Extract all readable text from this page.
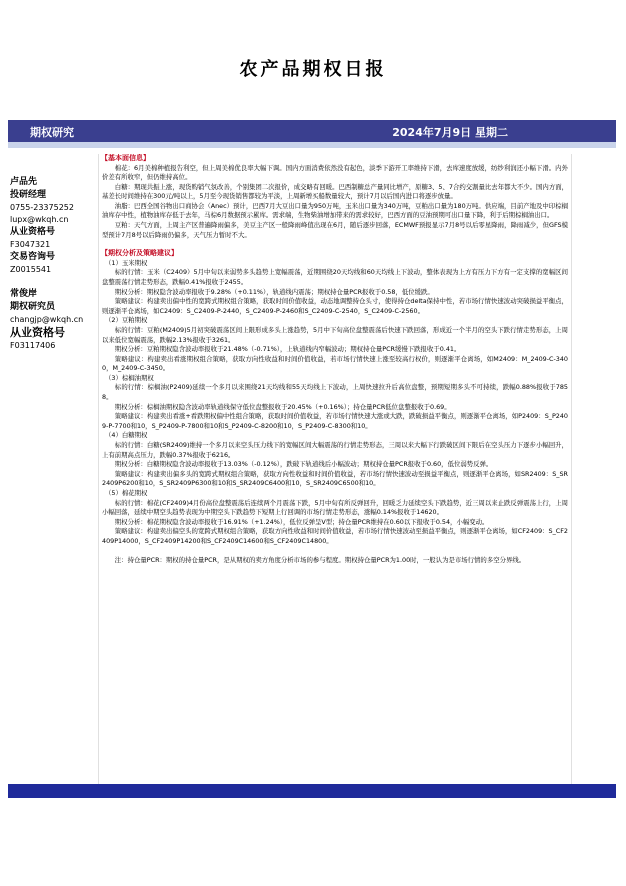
农产品期权日报
期权研究	2024年7月9日 星期二
卢品先
投研经理
0755-23375252
lupx@wkqh.cn
从业资格号
F3047321
交易咨询号
Z0015541
常俊岸
期权研究员
changjp@wkqh.cn
从业资格号
F03117406
【基本面信息】
棉花：6月美棉种植报告利空，但上周美棉优良率大幅下调。国内方面消费依然没有起色，淡季下游开工率维持下滑，去库速度放缓，纺纱利润还小幅下滑。内外价差有所收窄，但仍维持高位。
白糖：期现共振上涨，现货购销气氛改善，个别集团二次报价，成交略有回暖。巴西制糖总产量同比增产，原糖3、5、7合约交割量比去年都大不少。国内方面，基差长时间维持在300元/吨以上，5月至今现货销售都较为平淡，上周新增买船数量较大，预计7月以后国内进口将逐步放量。
油脂：巴西全国谷物出口商协会（Anec）预计，巴西7月大豆出口量为950万吨，玉米出口量为340万吨，豆粕出口量为180万吨。供应端，目前产地及中印棕榈油库存中性，植物油库存低于去年，马棕6月数据预示累库。需求端，生物柴油增加带来的需求较好，巴西方面的豆油预期可出口量下降，利于后期棕榈油出口。
豆粕：天气方面，上周主产区普遍降雨偏多，美豆主产区一般降雨峰值出现在6月，随后逐步回落，ECMWF预报显示7月8号以后零星降雨，降雨减少，但GFS模型预计7月8号以后降雨仍偏多，天气压力暂时不大。
【期权分析及策略建议】
（1）玉米期权
标的行情：玉米（C2409）5月中旬以来弱势多头趋势上宽幅震荡，近期围绕20天均线和60天均线上下波动，整体表现为上方有压力下方有一定支撑的宽幅区间盘整震荡行情走势形态，跌幅0.41%报收于2455。
期权分析：期权隐含波动率报收于9.28%（+0.11%），轨道线内震荡；期权持仓量PCR报收于0.58，低位缓跌。
策略建议：构建卖出偏中性的宽跨式期权组合策略，获取时间价值收益，动态地调整持仓头寸，使得持仓delta保持中性，若市场行情快速波动突破损益平衡点，则逐渐平仓离场，如C2409：S_C2409-P-2440，S_C2409-P-2460和S_C2409-C-2540，S_C2409-C-2560。
（2）豆粕期权
标的行情：豆粕(M2409)5月初突破震荡区间上限形成多头上涨趋势，5月中下旬高位盘整震荡后快速下跌回落，形成近一个半月的空头下跌行情走势形态，上周以来低位宽幅震荡，跌幅2.13%报收于3261。
期权分析：豆粕期权隐含波动率报收于21.48%（-0.71%），上轨道线内窄幅波动；期权持仓量PCR缓慢下跌报收于0.41。
策略建议：构建卖出看涨期权组合策略，获取方向性收益和时间价值收益，若市场行情快速上涨至较高行权价，则逐渐平仓离场，如M2409：M_2409-C-3400，M_2409-C-3450。
（3）棕榈油期权
标的行情：棕榈油(P2409)延续一个多月以来围绕21天均线和55天均线上下波动，上周快速拉升后高位盘整，预期短期多头不可持续，跌幅0.88%报收于7858。
期权分析：棕榈油期权隐含波动率轨道线保守低位盘整报收于20.45%（+0.16%）；持仓量PCR低位盘整报收于0.69。
策略建议：构建卖出看涨+看跌期权偏中性组合策略，获取时间价值收益，若市场行情快速大涨或大跌，跌破损益平衡点，则逐渐平仓离场，如P2409：S_P2409-P-7700和10，S_P2409-P-7800和10和S_P2409-C-8200和10，S_P2409-C-8300和10。
（4）白糖期权
标的行情：白糖(SR2409)维持一个多月以来空头压力线下的宽幅区间大幅震荡的行情走势形态，三周以来大幅下行跌破区间下限后在空头压力下逐步小幅回升，上有前期高点压力，跌幅0.37%报收于6216。
期权分析：白糖期权隐含波动率报收于13.03%（-0.12%），跌破下轨道线后小幅波动；期权持仓量PCR报收于0.60，低位弱势反弹。
策略建议：构建卖出偏多头的宽跨式期权组合策略，获取方向性收益和时间价值收益，若市场行情快速波动至损益平衡点，则逐渐平仓离场，如SR2409：S_SR2409P6200和10，S_SR2409P6300和10和S_SR2409C6400和10，S_SR2409C6500和10。
（5）棉花期权
标的行情：棉花(CF2409)4月份高位盘整震荡后连续两个月震荡下跌，5月中旬有所反弹回升，回暖乏力延续空头下跌趋势，近三周以来止跌反弹震荡上行，上周小幅回落，延续中期空头趋势表现为中期空头下跌趋势下短期上行回调的市场行情走势形态，涨幅0.14%报收于14620。
期权分析：棉花期权隐含波动率报收于16.91%（+1.24%），低位反弹呈V型；持仓量PCR维持在0.60以下报收于0.54，小幅变动。
策略建议：构建卖出偏空头的宽跨式期权组合策略，获取方向性收益和时间价值收益，若市场行情快速波动至损益平衡点，则逐渐平仓离场，如CF2409：S_CF2409P14000，S_CF2409P14200和S_CF2409C14600和S_CF2409C14800。
注：持仓量PCR：期权的持仓量PCR，是从期权的卖方角度分析市场的参与程度。期权持仓量PCR为1.00时，一般认为是市场行情的多空分界线。
